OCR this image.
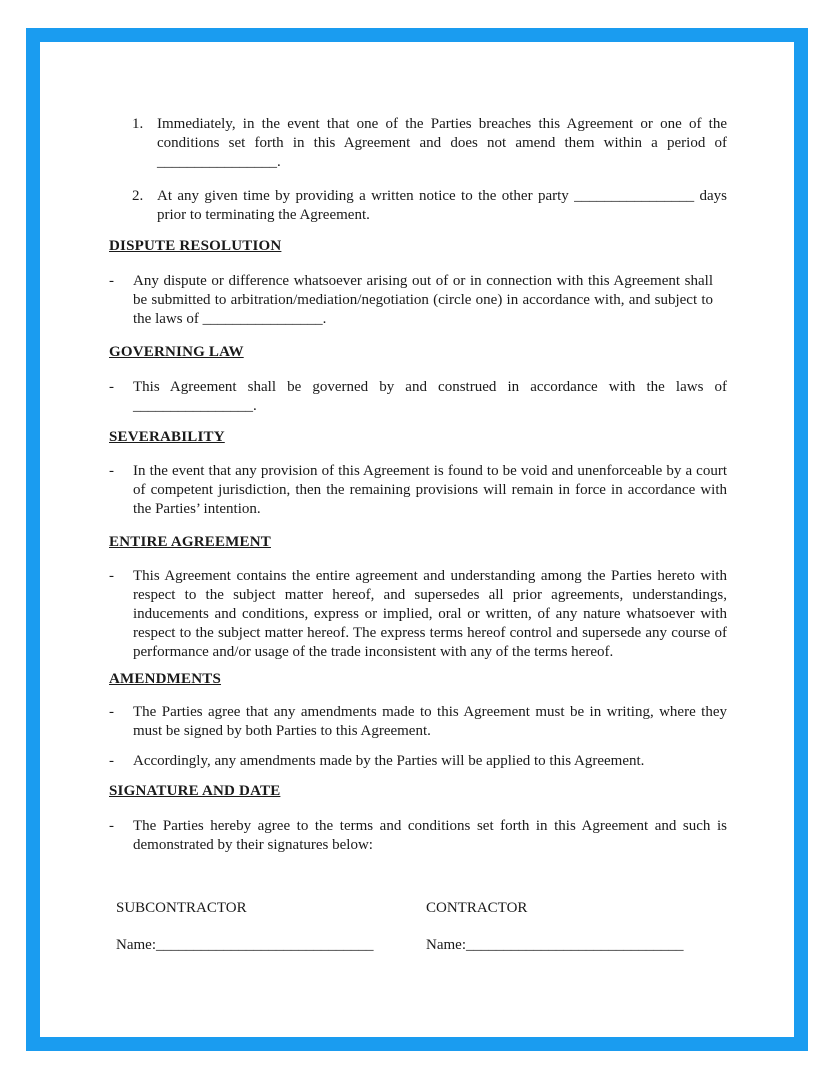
1. Immediately, in the event that one of the Parties breaches this Agreement or one of the conditions set forth in this Agreement and does not amend them within a period of ________________.
2. At any given time by providing a written notice to the other party ________________ days prior to terminating the Agreement.
DISPUTE RESOLUTION
- Any dispute or difference whatsoever arising out of or in connection with this Agreement shall be submitted to arbitration/mediation/negotiation (circle one) in accordance with, and subject to the laws of ________________.
GOVERNING LAW
- This Agreement shall be governed by and construed in accordance with the laws of ________________.
SEVERABILITY
- In the event that any provision of this Agreement is found to be void and unenforceable by a court of competent jurisdiction, then the remaining provisions will remain in force in accordance with the Parties’ intention.
ENTIRE AGREEMENT
- This Agreement contains the entire agreement and understanding among the Parties hereto with respect to the subject matter hereof, and supersedes all prior agreements, understandings, inducements and conditions, express or implied, oral or written, of any nature whatsoever with respect to the subject matter hereof. The express terms hereof control and supersede any course of performance and/or usage of the trade inconsistent with any of the terms hereof.
AMENDMENTS
- The Parties agree that any amendments made to this Agreement must be in writing, where they must be signed by both Parties to this Agreement.
- Accordingly, any amendments made by the Parties will be applied to this Agreement.
SIGNATURE AND DATE
- The Parties hereby agree to the terms and conditions set forth in this Agreement and such is demonstrated by their signatures below:
SUBCONTRACTOR
Name:_____________________________
CONTRACTOR
Name:_____________________________
